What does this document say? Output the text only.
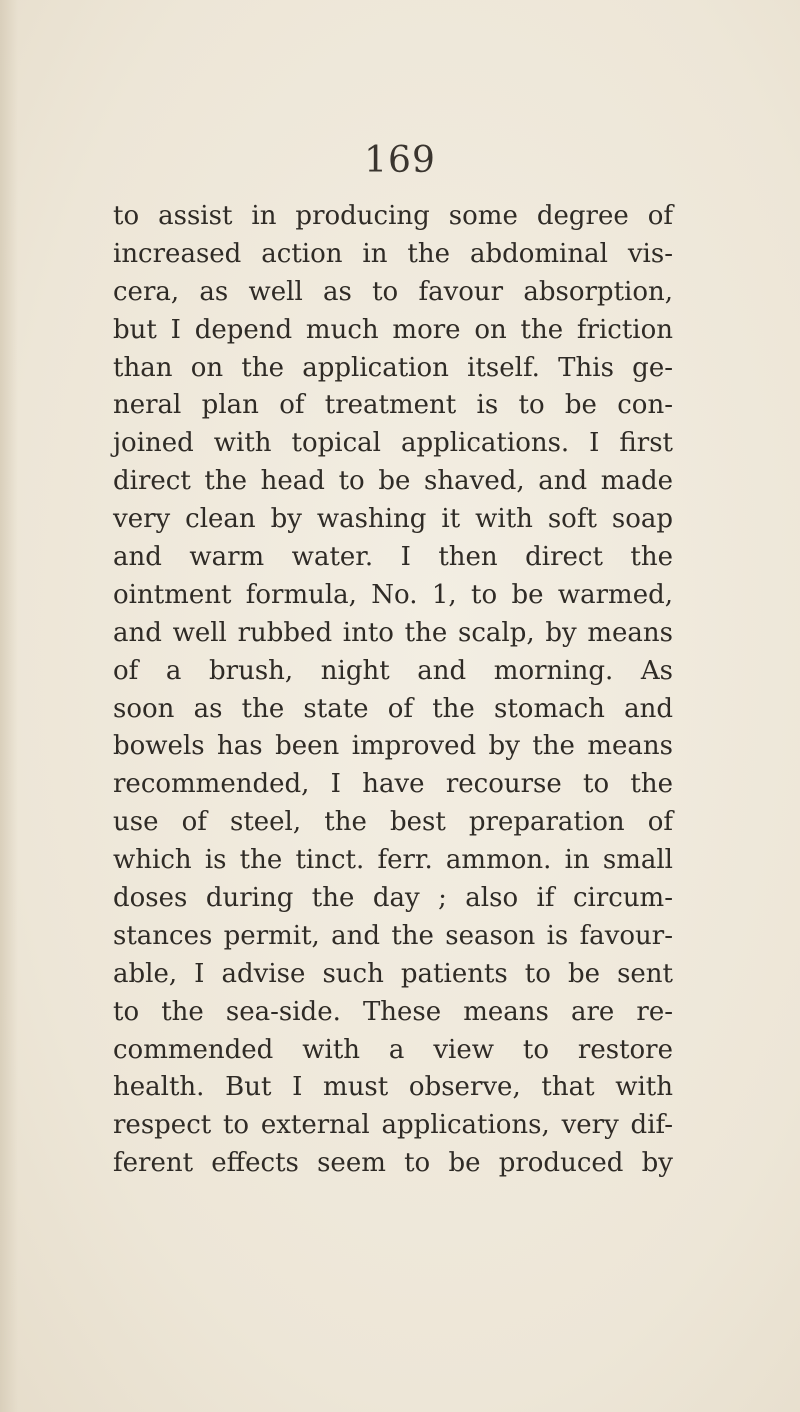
169
to assist in producing some degree of
increased action in the abdominal vis-
cera, as well as to favour absorption,
but I depend much more on the friction
than on the application itself. This ge-
neral plan of treatment is to be con-
joined with topical applications. I first
direct the head to be shaved, and made
very clean by washing it with soft soap
and warm water. I then direct the
ointment formula, No. 1, to be warmed,
and well rubbed into the scalp, by means
of a brush, night and morning. As
soon as the state of the stomach and
bowels has been improved by the means
recommended, I have recourse to the
use of steel, the best preparation of
which is the tinct. ferr. ammon. in small
doses during the day ; also if circum-
stances permit, and the season is favour-
able, I advise such patients to be sent
to the sea-side. These means are re-
commended with a view to restore
health. But I must observe, that with
respect to external applications, very dif-
ferent effects seem to be produced by
